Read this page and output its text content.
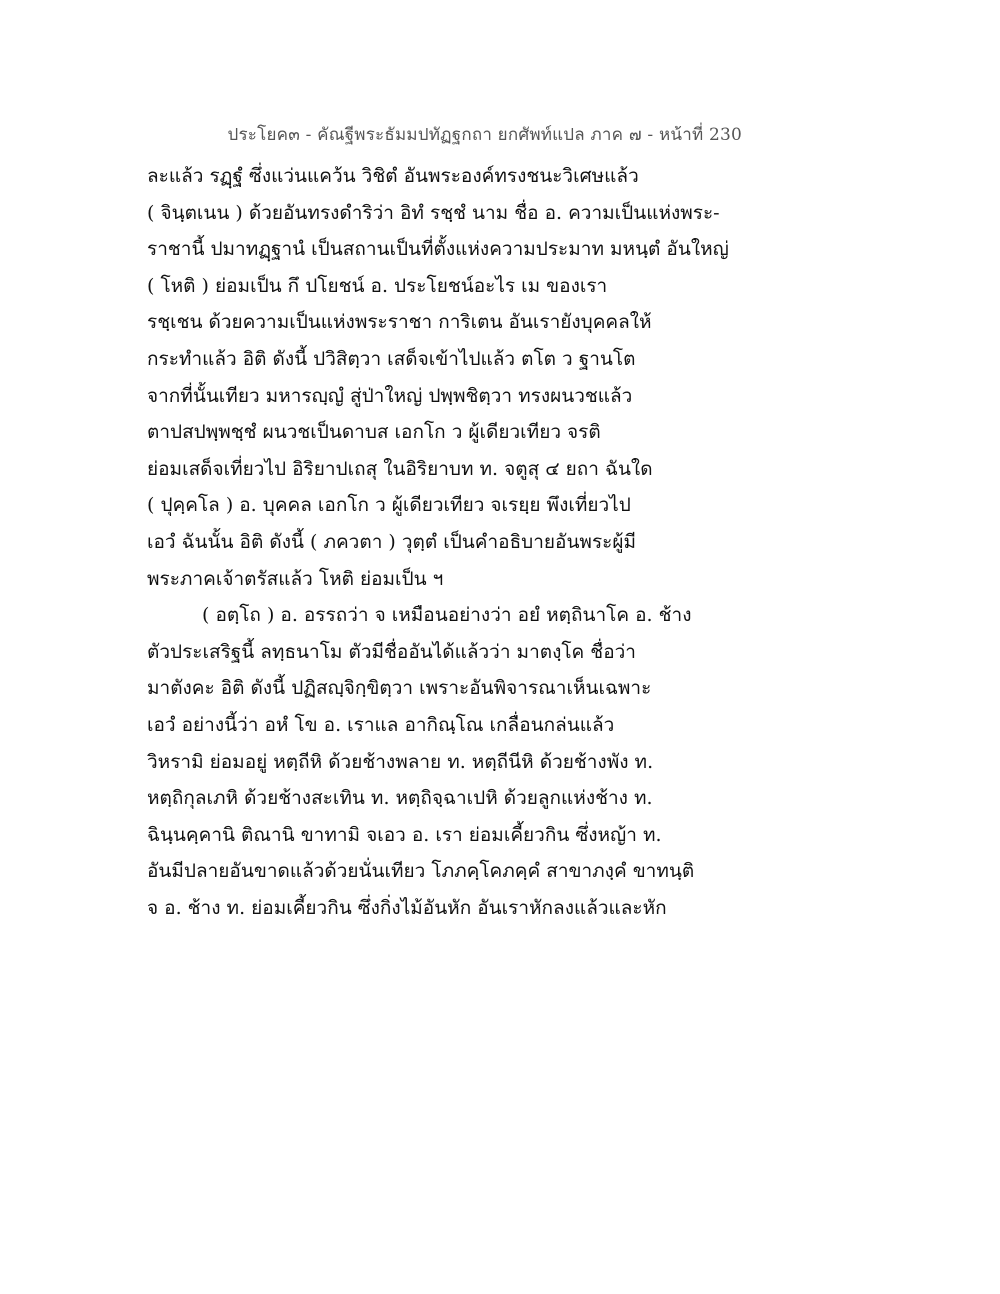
ประโยค๓ - คัณฐีพระธัมมปทัฏฐกถา ยกศัพท์แปล ภาค ๗ - หน้าที่ 230
ละแล้ว รฏฺฐํ ซึ่งแว่นแคว้น วิชิตํ อันพระองค์ทรงชนะวิเศษแล้ว
( จินฺตเนน ) ด้วยอันทรงดำริว่า อิทํ รชฺชํ นาม ชื่อ อ. ความเป็นแห่งพระ-
ราชานี้ ปมาทฏฺฐานํ เป็นสถานเป็นที่ตั้งแห่งความประมาท มหนฺตํ อันใหญ่
( โหติ ) ย่อมเป็น กึ ปโยชน์ อ. ประโยชน์อะไร เม ของเรา
รชฺเชน ด้วยความเป็นแห่งพระราชา การิเตน อันเรายังบุคคลให้
กระทำแล้ว อิติ ดังนี้ ปวิสิตฺวา เสด็จเข้าไปแล้ว ตโต ว ฐานโต
จากที่นั้นเทียว มหารญฺญํ สู่ป่าใหญ่ ปพฺพชิตฺวา ทรงผนวชแล้ว
ตาปสปพฺพชฺชํ ผนวชเป็นดาบส เอกโก ว ผู้เดียวเทียว จรติ
ย่อมเสด็จเที่ยวไป อิริยาปเถสุ ในอิริยาบท ท. จตูสุ ๔ ยถา ฉันใด
( ปุคฺคโล ) อ. บุคคล เอกโก ว ผู้เดียวเทียว จเรยฺย พึงเที่ยวไป
เอวํ ฉันนั้น อิติ ดังนี้ ( ภควตา ) วุตฺตํ เป็นคำอธิบายอันพระผู้มี
พระภาคเจ้าตรัสแล้ว โหติ ย่อมเป็น ฯ
( อตฺโถ ) อ. อรรถว่า จ เหมือนอย่างว่า อยํ หตฺถินาโค อ. ช้าง
ตัวประเสริฐนี้ ลทฺธนาโม ตัวมีชื่ออันได้แล้วว่า มาตงฺโค ชื่อว่า
มาตังคะ อิติ ดังนี้ ปฏิสญฺจิกฺขิตฺวา เพราะอันพิจารณาเห็นเฉพาะ
เอวํ อย่างนี้ว่า อหํ โข อ. เราแล อากิณฺโณ เกลื่อนกล่นแล้ว
วิหรามิ ย่อมอยู่ หตฺถีหิ ด้วยช้างพลาย ท. หตฺถีนีหิ ด้วยช้างพัง ท.
หตฺถิกุลเภหิ ด้วยช้างสะเทิน ท. หตฺถิจฺฉาเปหิ ด้วยลูกแห่งช้าง ท.
ฉินฺนคฺคานิ ติณานิ ขาทามิ จเอว อ. เรา ย่อมเคี้ยวกิน ซึ่งหญ้า ท.
อันมีปลายอันขาดแล้วด้วยนั่นเทียว โภภคฺโคภคฺคํ สาขาภงฺคํ ขาทนฺติ
จ อ. ช้าง ท. ย่อมเคี้ยวกิน ซึ่งกิ่งไม้อันหัก อันเราหักลงแล้วและหัก
